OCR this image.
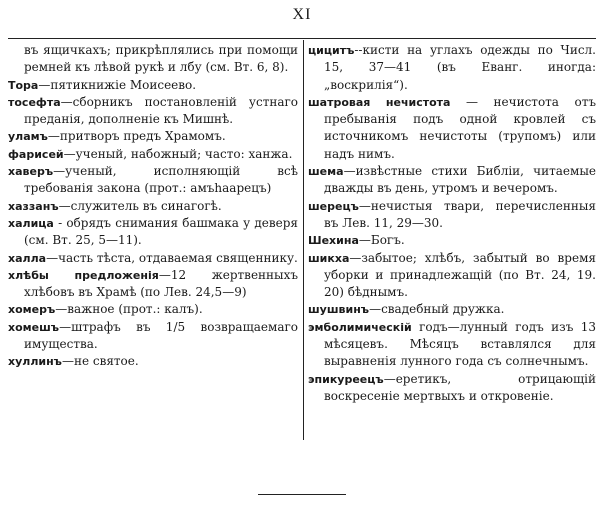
XI

въ ящичкахъ; прикрѣплялись при помощи ремней къ лѣвой рукѣ и лбу (см. Вт. 6, 8).

Тора—пятикнижіе Моисеево.

тосефта—сборникъ постановленій устнаго преданія, дополненіе къ Мишнѣ.

уламъ—притворъ предъ Храмомъ.

фарисей—ученый, набожный; часто: ханжа.

хаверъ—ученый, исполняющій всѣ требованія закона (прот.: амъhаарецъ)

хаззанъ—служитель въ синагогѣ.

халица - обрядъ снимания башмака у деверя (см. Вт. 25, 5—11).

халла—часть тѣста, отдаваемая священнику.

хлѣбы предложенія—12 жертвенныхъ хлѣбовъ въ Храмѣ (по Лев. 24,5—9)

хомеръ—важное (прот.: калъ).

хомешъ—штрафъ въ 1/5 возвращаемаго имущества.

хуллинъ—не святое.

цицитъ--кисти на углахъ одежды по Числ. 15, 37—41 (въ Еванг. иногда: „воскрилія“).

шатровая нечистота — нечистота отъ пребыванія подъ одной кровлей съ источникомъ нечистоты (трупомъ) или надъ нимъ.

шема—извѣстные стихи Библіи, читаемые дважды въ день, утромъ и вечеромъ.

шерецъ—нечистыя твари, перечисленныя въ Лев. 11, 29—30.

Шехина—Богъ.

шикха—забытое; хлѣбъ, забытый во время уборки и принадлежащій (по Вт. 24, 19. 20) бѣднымъ.

шушвинъ—свадебный дружка.

эмболимическій годъ—лунный годъ изъ 13 мѣсяцевъ. Мѣсяцъ вставлялся для выравненія лунного года съ солнечнымъ.

эпикуреецъ—еретикъ, отрицающій воскресеніе мертвыхъ и откровеніе.
